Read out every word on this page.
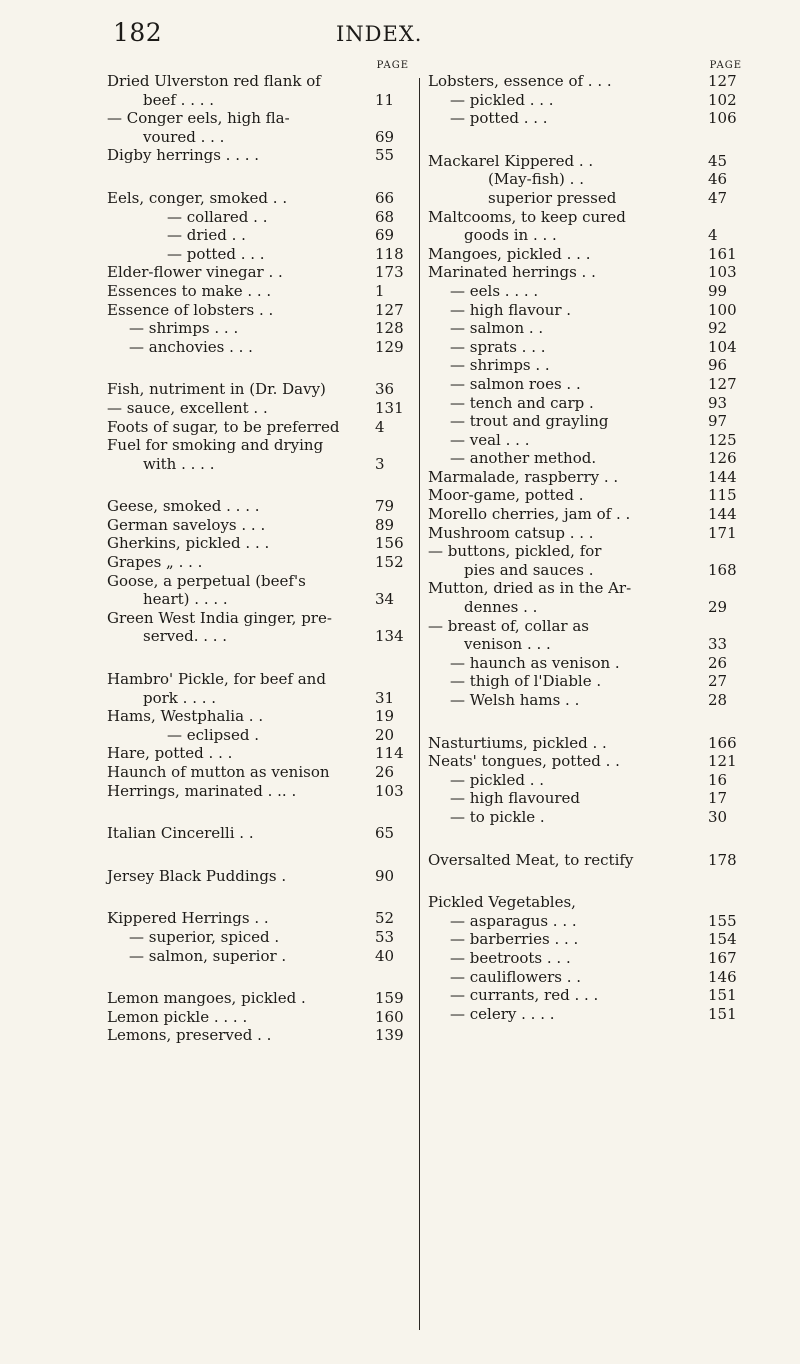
182	INDEX.
PAGE
Dried Ulverston red flank of
beef . . . .	11
— Conger eels, high fla-
voured . . .	69
Digby herrings . . . .	55
Eels, conger, smoked . .	66
— collared . .	68
— dried . .	69
— potted . . .	118
Elder-flower vinegar . .	173
Essences to make . . .	1
Essence of lobsters . .	127
— shrimps . . .	128
— anchovies . . .	129
Fish, nutriment in (Dr. Davy)	36
— sauce, excellent . .	131
Foots of sugar, to be preferred	4
Fuel for smoking and drying
with . . . .	3
Geese, smoked . . . .	79
German saveloys . . .	89
Gherkins, pickled . . .	156
Grapes „ . . .	152
Goose, a perpetual (beef's
heart) . . . .	34
Green West India ginger, pre-
served. . . .	134
Hambro' Pickle, for beef and
pork . . . .	31
Hams, Westphalia . .	19
— eclipsed .	20
Hare, potted . . .	114
Haunch of mutton as venison	26
Herrings, marinated . .. .	103
Italian Cincerelli . .	65
Jersey Black Puddings .	90
Kippered Herrings . .	52
— superior, spiced .	53
— salmon, superior .	40
Lemon mangoes, pickled .	159
Lemon pickle . . . .	160
Lemons, preserved . .	139
PAGE
Lobsters, essence of . . .	127
— pickled . . .	102
— potted . . .	106
Mackarel Kippered . .	45
(May-fish) . .	46
superior pressed	47
Maltcooms, to keep cured
goods in . . .	4
Mangoes, pickled . . .	161
Marinated herrings . .	103
— eels . . . .	99
— high flavour .	100
— salmon . .	92
— sprats . . .	104
— shrimps . .	96
— salmon roes . .	127
— tench and carp .	93
— trout and grayling	97
— veal . . .	125
— another method.	126
Marmalade, raspberry . .	144
Moor-game, potted .	115
Morello cherries, jam of . .	144
Mushroom catsup . . .	171
— buttons, pickled, for
pies and sauces .	168
Mutton, dried as in the Ar-
dennes . .	29
— breast of, collar as
venison . . .	33
— haunch as venison .	26
— thigh of l'Diable .	27
— Welsh hams . .	28
Nasturtiums, pickled . .	166
Neats' tongues, potted . .	121
— pickled . .	16
— high flavoured	17
— to pickle .	30
Oversalted Meat, to rectify	178
Pickled Vegetables,
— asparagus . . .	155
— barberries . . .	154
— beetroots . . .	167
— cauliflowers . .	146
— currants, red . . .	151
— celery . . . .	151
